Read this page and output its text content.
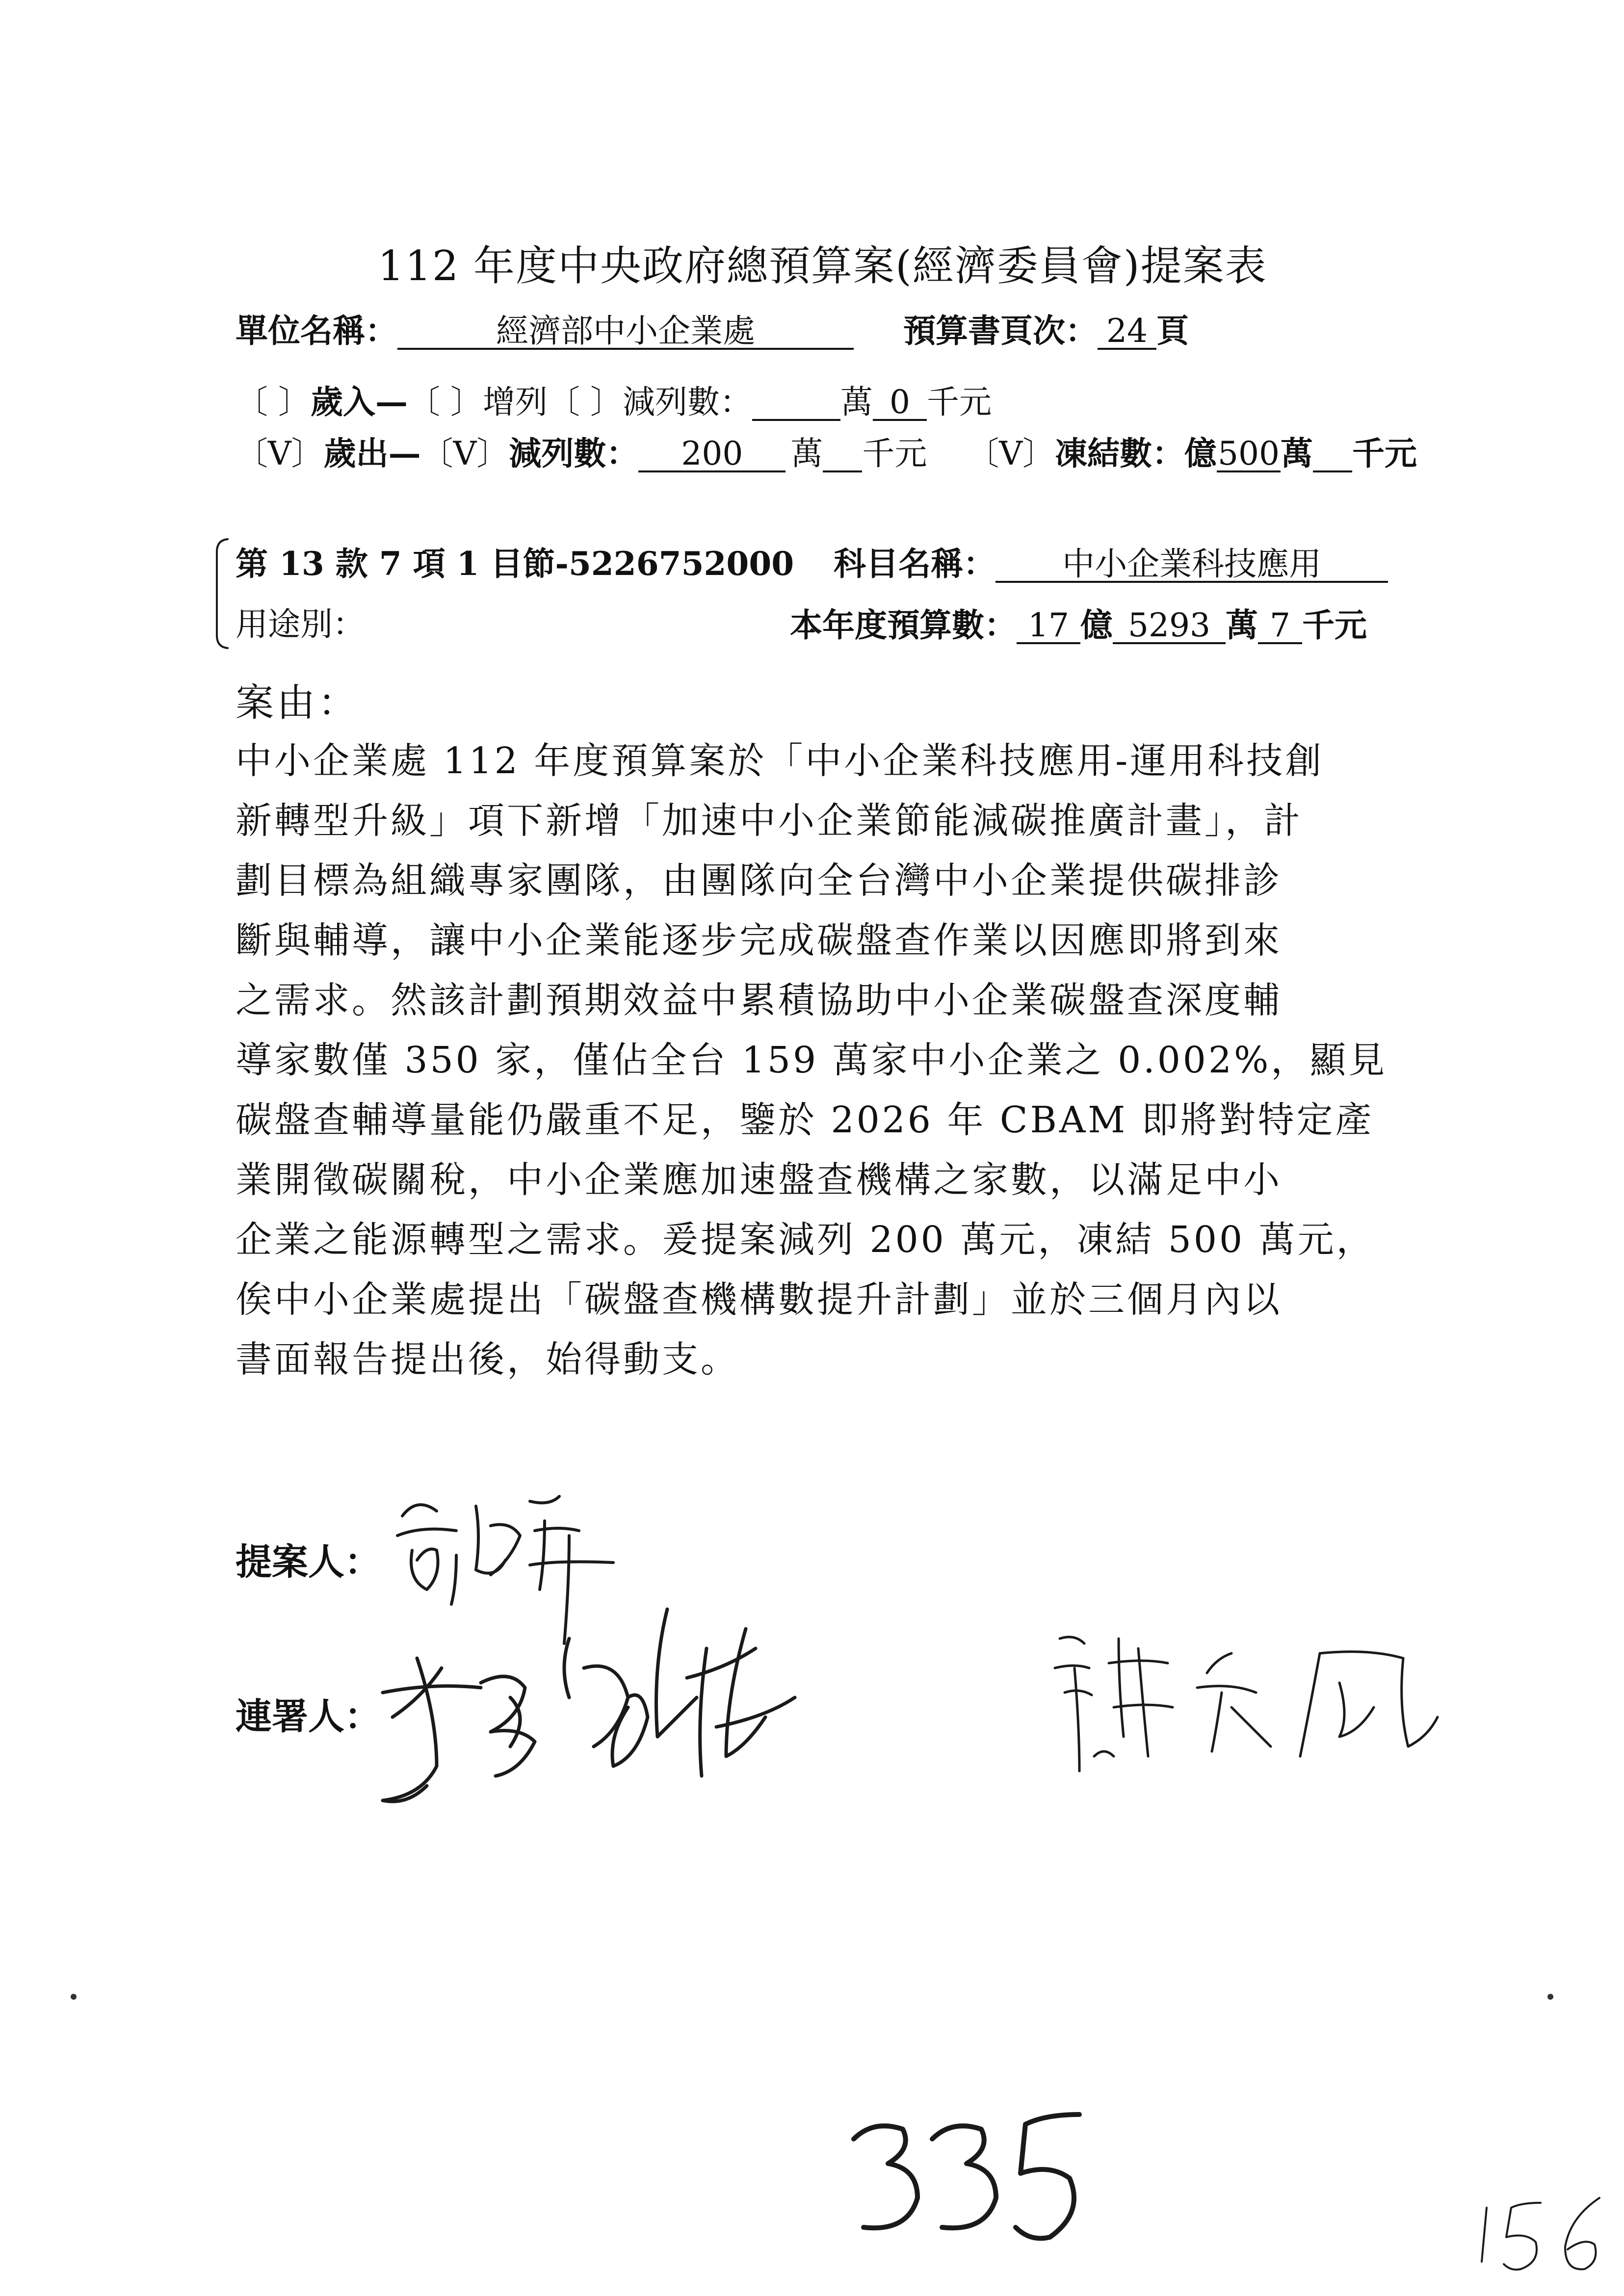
112 年度中央政府總預算案(經濟委員會)提案表
單位名稱：	經濟部中小企業處	預算書頁次： 24 頁
〔 〕歲入—〔 〕增列〔 〕減列數：	萬 0 千元
〔V〕歲出—〔V〕減列數： 200 萬 千元 〔V〕凍結數：億500萬 千元
第 13 款 7 項 1 目節-5226752000 科目名稱： 中小企業科技應用
用途別：	本年度預算數： 17 億 5293 萬 7 千元
案由：
中小企業處 112 年度預算案於「中小企業科技應用-運用科技創
新轉型升級」項下新增「加速中小企業節能減碳推廣計畫」，計
劃目標為組織專家團隊，由團隊向全台灣中小企業提供碳排診
斷與輔導，讓中小企業能逐步完成碳盤查作業以因應即將到來
之需求。然該計劃預期效益中累積協助中小企業碳盤查深度輔
導家數僅 350 家，僅佔全台 159 萬家中小企業之 0.002%，顯見
碳盤查輔導量能仍嚴重不足，鑒於 2026 年 CBAM 即將對特定產
業開徵碳關稅，中小企業應加速盤查機構之家數，以滿足中小
企業之能源轉型之需求。爰提案減列 200 萬元，凍結 500 萬元，
俟中小企業處提出「碳盤查機構數提升計劃」並於三個月內以
書面報告提出後，始得動支。
提案人：
連署人：
